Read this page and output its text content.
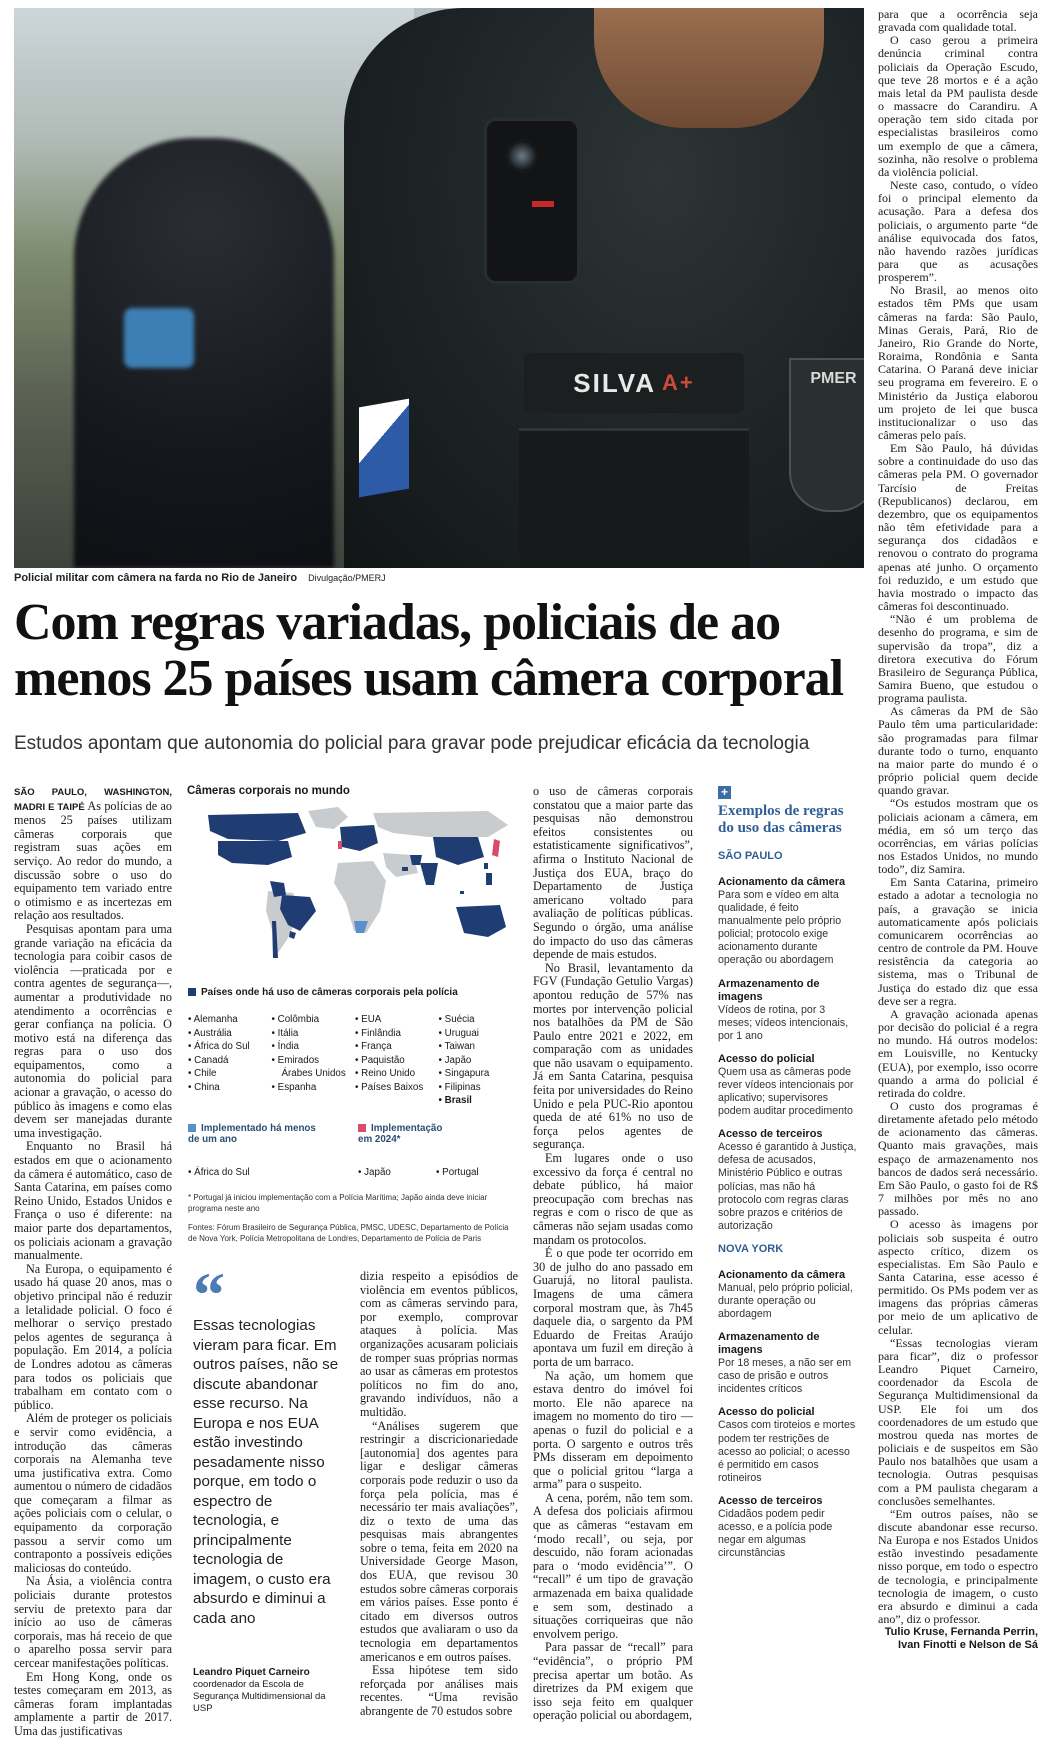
SILVA A+	PMER
Policial militar com câmera na farda no Rio de Janeiro Divulgação/PMERJ
Com regras variadas, policiais de ao menos 25 países usam câmera corporal

Estudos apontam que autonomia do policial para gravar pode prejudicar eficácia da tecnologia

SÃO PAULO, WASHINGTON, MADRI E TAIPÉ As polícias de ao menos 25 países utilizam câmeras corporais que registram suas ações em serviço. Ao redor do mundo, a discussão sobre o uso do equipamento tem variado entre o otimismo e as incertezas em relação aos resultados.

Pesquisas apontam para uma grande variação na eficácia da tecnologia para coibir casos de violência —praticada por e contra agentes de segurança—, aumentar a produtividade no atendimento a ocorrências e gerar confiança na polícia. O motivo está na diferença das regras para o uso dos equipamentos, como a autonomia do policial para acionar a gravação, o acesso do público às imagens e como elas devem ser manejadas durante uma investigação.

Enquanto no Brasil há estados em que o acionamento da câmera é automático, caso de Santa Catarina, em países como Reino Unido, Estados Unidos e França o uso é diferente: na maior parte dos departamentos, os policiais acionam a gravação manualmente.

Na Europa, o equipamento é usado há quase 20 anos, mas o objetivo principal não é reduzir a letalidade policial. O foco é melhorar o serviço prestado pelos agentes de segurança à população. Em 2014, a polícia de Londres adotou as câmeras para todos os policiais que trabalham em contato com o público.

Além de proteger os policiais e servir como evidência, a introdução das câmeras corporais na Alemanha teve uma justificativa extra. Como aumentou o número de cidadãos que começaram a filmar as ações policiais com o celular, o equipamento da corporação passou a servir como um contraponto a possíveis edições maliciosas do conteúdo.

Na Ásia, a violência contra policiais durante protestos serviu de pretexto para dar início ao uso de câmeras corporais, mas há receio de que o aparelho possa servir para cercear manifestações políticas.

Em Hong Kong, onde os testes começaram em 2013, as câmeras foram implantadas amplamente a partir de 2017. Uma das justificativas

Câmeras corporais no mundo
Países onde há uso de câmeras corporais pela polícia
• Alemanha
• Austrália
• África do Sul
• Canadá
• Chile
• China
• Colômbia
• Itália
• Índia
• Emirados
Árabes Unidos
• Espanha
• EUA
• Finlândia
• França
• Paquistão
• Reino Unido
• Países Baixos
• Suécia
• Uruguai
• Taiwan
• Japão
• Singapura
• Filipinas
• Brasil
Implementado há menos de um ano
Implementação em 2024*
• África do Sul	• Japão	• Portugal
* Portugal já iniciou implementação com a Polícia Marítima; Japão ainda deve iniciar programa neste ano
Fontes: Fórum Brasileiro de Segurança Pública, PMSC, UDESC, Departamento de Polícia de Nova York, Polícia Metropolitana de Londres, Departamento de Polícia de Paris
“
Essas tecnologias vieram para ficar. Em outros países, não se discute abandonar esse recurso. Na Europa e nos EUA estão investindo pesadamente nisso porque, em todo o espectro de tecnologia, e principalmente tecnologia de imagem, o custo era absurdo e diminui a cada ano
Leandro Piquet Carneiro
coordenador da Escola de Segurança Multidimensional da USP

dizia respeito a episódios de violência em eventos públicos, com as câmeras servindo para, por exemplo, comprovar ataques à polícia. Mas organizações acusaram policiais de romper suas próprias normas ao usar as câmeras em protestos políticos no fim do ano, gravando indivíduos, não a multidão.

“Análises sugerem que restringir a discricionariedade [autonomia] dos agentes para ligar e desligar câmeras corporais pode reduzir o uso da força pela polícia, mas é necessário ter mais avaliações”, diz o texto de uma das pesquisas mais abrangentes sobre o tema, feita em 2020 na Universidade George Mason, dos EUA, que revisou 30 estudos sobre câmeras corporais em vários países. Esse ponto é citado em diversos outros estudos que avaliaram o uso da tecnologia em departamentos americanos e em outros países.

Essa hipótese tem sido reforçada por análises mais recentes. “Uma revisão abrangente de 70 estudos sobre

o uso de câmeras corporais constatou que a maior parte das pesquisas não demonstrou efeitos consistentes ou estatisticamente significativos”, afirma o Instituto Nacional de Justiça dos EUA, braço do Departamento de Justiça americano voltado para avaliação de políticas públicas. Segundo o órgão, uma análise do impacto do uso das câmeras depende de mais estudos.

No Brasil, levantamento da FGV (Fundação Getulio Vargas) apontou redução de 57% nas mortes por intervenção policial nos batalhões da PM de São Paulo entre 2021 e 2022, em comparação com as unidades que não usavam o equipamento. Já em Santa Catarina, pesquisa feita por universidades do Reino Unido e pela PUC-Rio apontou queda de até 61% no uso de força pelos agentes de segurança.

Em lugares onde o uso excessivo da força é central no debate público, há maior preocupação com brechas nas regras e com o risco de que as câmeras não sejam usadas como mandam os protocolos.

É o que pode ter ocorrido em 30 de julho do ano passado em Guarujá, no litoral paulista. Imagens de uma câmera corporal mostram que, às 7h45 daquele dia, o sargento da PM Eduardo de Freitas Araújo apontava um fuzil em direção à porta de um barraco.

Na ação, um homem que estava dentro do imóvel foi morto. Ele não aparece na imagem no momento do tiro —apenas o fuzil do policial e a porta. O sargento e outros três PMs disseram em depoimento que o policial gritou “larga a arma” para o suspeito.

A cena, porém, não tem som. A defesa dos policiais afirmou que as câmeras “estavam em ‘modo recall’, ou seja, por descuido, não foram acionadas para o ‘modo evidência’”. O “recall” é um tipo de gravação armazenada em baixa qualidade e sem som, destinado a situações corriqueiras que não envolvem perigo.

Para passar de “recall” para “evidência”, o próprio PM precisa apertar um botão. As diretrizes da PM exigem que isso seja feito em qualquer operação policial ou abordagem,

+
Exemplos de regras do uso das câmeras

SÃO PAULO

Acionamento da câmera

Para som e vídeo em alta qualidade, é feito manualmente pelo próprio policial; protocolo exige acionamento durante operação ou abordagem

Armazenamento de imagens

Vídeos de rotina, por 3 meses; vídeos intencionais, por 1 ano

Acesso do policial

Quem usa as câmeras pode rever vídeos intencionais por aplicativo; supervisores podem auditar procedimento

Acesso de terceiros

Acesso é garantido à Justiça, defesa de acusados, Ministério Público e outras polícias, mas não há protocolo com regras claras sobre prazos e critérios de autorização

NOVA YORK

Acionamento da câmera

Manual, pelo próprio policial, durante operação ou abordagem

Armazenamento de imagens

Por 18 meses, a não ser em caso de prisão e outros incidentes críticos

Acesso do policial

Casos com tiroteios e mortes podem ter restrições de acesso ao policial; o acesso é permitido em casos rotineiros

Acesso de terceiros

Cidadãos podem pedir acesso, e a polícia pode negar em algumas circunstâncias

para que a ocorrência seja gravada com qualidade total.

O caso gerou a primeira denúncia criminal contra policiais da Operação Escudo, que teve 28 mortos e é a ação mais letal da PM paulista desde o massacre do Carandiru. A operação tem sido citada por especialistas brasileiros como um exemplo de que a câmera, sozinha, não resolve o problema da violência policial.

Neste caso, contudo, o vídeo foi o principal elemento da acusação. Para a defesa dos policiais, o argumento parte “de análise equivocada dos fatos, não havendo razões jurídicas para que as acusações prosperem”.

No Brasil, ao menos oito estados têm PMs que usam câmeras na farda: São Paulo, Minas Gerais, Pará, Rio de Janeiro, Rio Grande do Norte, Roraima, Rondônia e Santa Catarina. O Paraná deve iniciar seu programa em fevereiro. E o Ministério da Justiça elaborou um projeto de lei que busca institucionalizar o uso das câmeras pelo país.

Em São Paulo, há dúvidas sobre a continuidade do uso das câmeras pela PM. O governador Tarcísio de Freitas (Republicanos) declarou, em dezembro, que os equipamentos não têm efetividade para a segurança dos cidadãos e renovou o contrato do programa apenas até junho. O orçamento foi reduzido, e um estudo que havia mostrado o impacto das câmeras foi descontinuado.

“Não é um problema de desenho do programa, e sim de supervisão da tropa”, diz a diretora executiva do Fórum Brasileiro de Segurança Pública, Samira Bueno, que estudou o programa paulista.

As câmeras da PM de São Paulo têm uma particularidade: são programadas para filmar durante todo o turno, enquanto na maior parte do mundo é o próprio policial quem decide quando gravar.

“Os estudos mostram que os policiais acionam a câmera, em média, em só um terço das ocorrências, em várias polícias nos Estados Unidos, no mundo todo”, diz Samira.

Em Santa Catarina, primeiro estado a adotar a tecnologia no país, a gravação se inicia automaticamente após policiais comunicarem ocorrências ao centro de controle da PM. Houve resistência da categoria ao sistema, mas o Tribunal de Justiça do estado diz que essa deve ser a regra.

A gravação acionada apenas por decisão do policial é a regra no mundo. Há outros modelos: em Louisville, no Kentucky (EUA), por exemplo, isso ocorre quando a arma do policial é retirada do coldre.

O custo dos programas é diretamente afetado pelo método de acionamento das câmeras. Quanto mais gravações, mais espaço de armazenamento nos bancos de dados será necessário. Em São Paulo, o gasto foi de R$ 7 milhões por mês no ano passado.

O acesso às imagens por policiais sob suspeita é outro aspecto crítico, dizem os especialistas. Em São Paulo e Santa Catarina, esse acesso é permitido. Os PMs podem ver as imagens das próprias câmeras por meio de um aplicativo de celular.

“Essas tecnologias vieram para ficar”, diz o professor Leandro Piquet Carneiro, coordenador da Escola de Segurança Multidimensional da USP. Ele foi um dos coordenadores de um estudo que mostrou queda nas mortes de policiais e de suspeitos em São Paulo nos batalhões que usam a tecnologia. Outras pesquisas com a PM paulista chegaram a conclusões semelhantes.

“Em outros países, não se discute abandonar esse recurso. Na Europa e nos Estados Unidos estão investindo pesadamente nisso porque, em todo o espectro de tecnologia, e principalmente tecnologia de imagem, o custo era absurdo e diminui a cada ano”, diz o professor.

Tulio Kruse, Fernanda Perrin, Ivan Finotti e Nelson de Sá
